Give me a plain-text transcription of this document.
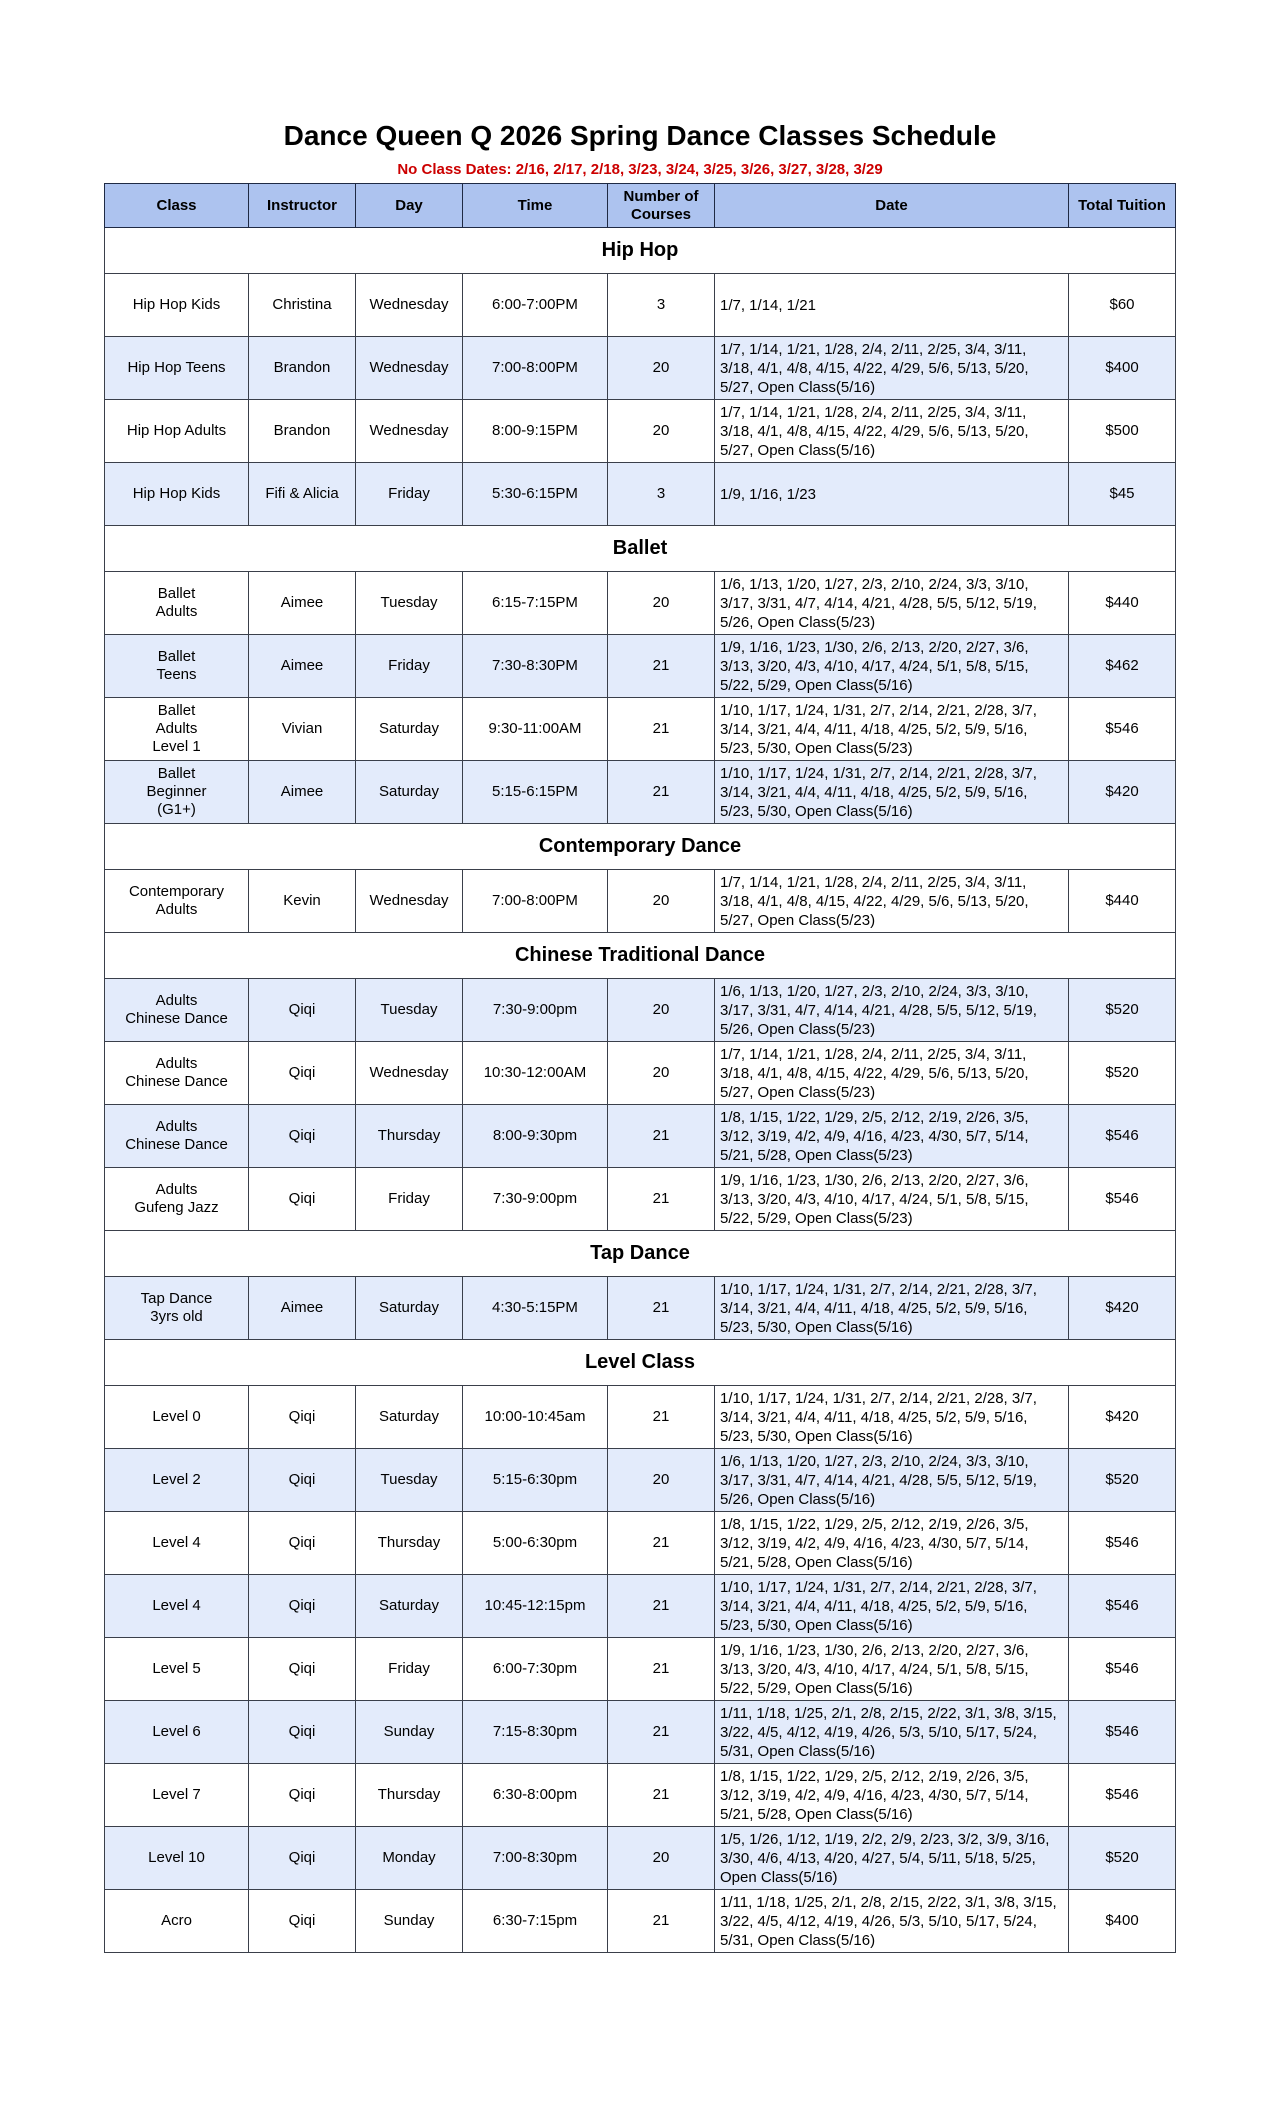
Dance Queen Q 2026 Spring Dance Classes Schedule
No Class Dates: 2/16, 2/17, 2/18, 3/23, 3/24, 3/25, 3/26, 3/27, 3/28, 3/29
Class	Instructor	Day	Time	Number of Courses	Date	Total Tuition
Hip Hop						

Hip Hop Kids	Christina	Wednesday	6:00-7:00PM	3	1/7, 1/14, 1/21	$60

Hip Hop Teens	Brandon	Wednesday	7:00-8:00PM	20	1/7, 1/14, 1/21, 1/28, 2/4, 2/11, 2/25, 3/4, 3/11, 3/18, 4/1, 4/8, 4/15, 4/22, 4/29, 5/6, 5/13, 5/20, 5/27, Open Class(5/16)	$400

Hip Hop Adults	Brandon	Wednesday	8:00-9:15PM	20	1/7, 1/14, 1/21, 1/28, 2/4, 2/11, 2/25, 3/4, 3/11, 3/18, 4/1, 4/8, 4/15, 4/22, 4/29, 5/6, 5/13, 5/20, 5/27, Open Class(5/16)	$500

Hip Hop Kids	Fifi & Alicia	Friday	5:30-6:15PM	3	1/9, 1/16, 1/23	$45
Ballet						

Ballet
Adults	Aimee	Tuesday	6:15-7:15PM	20	1/6, 1/13, 1/20, 1/27, 2/3, 2/10, 2/24, 3/3, 3/10, 3/17, 3/31, 4/7, 4/14, 4/21, 4/28, 5/5, 5/12, 5/19, 5/26, Open Class(5/23)	$440

Ballet
Teens	Aimee	Friday	7:30-8:30PM	21	1/9, 1/16, 1/23, 1/30, 2/6, 2/13, 2/20, 2/27, 3/6, 3/13, 3/20, 4/3, 4/10, 4/17, 4/24, 5/1, 5/8, 5/15, 5/22, 5/29, Open Class(5/16)	$462

Ballet
Adults
Level 1	Vivian	Saturday	9:30-11:00AM	21	1/10, 1/17, 1/24, 1/31, 2/7, 2/14, 2/21, 2/28, 3/7, 3/14, 3/21, 4/4, 4/11, 4/18, 4/25, 5/2, 5/9, 5/16, 5/23, 5/30, Open Class(5/23)	$546

Ballet
Beginner
(G1+)	Aimee	Saturday	5:15-6:15PM	21	1/10, 1/17, 1/24, 1/31, 2/7, 2/14, 2/21, 2/28, 3/7, 3/14, 3/21, 4/4, 4/11, 4/18, 4/25, 5/2, 5/9, 5/16, 5/23, 5/30, Open Class(5/16)	$420
Contemporary Dance						

Contemporary
Adults	Kevin	Wednesday	7:00-8:00PM	20	1/7, 1/14, 1/21, 1/28, 2/4, 2/11, 2/25, 3/4, 3/11, 3/18, 4/1, 4/8, 4/15, 4/22, 4/29, 5/6, 5/13, 5/20, 5/27, Open Class(5/23)	$440
Chinese Traditional Dance						

Adults
Chinese Dance	Qiqi	Tuesday	7:30-9:00pm	20	1/6, 1/13, 1/20, 1/27, 2/3, 2/10, 2/24, 3/3, 3/10, 3/17, 3/31, 4/7, 4/14, 4/21, 4/28, 5/5, 5/12, 5/19, 5/26, Open Class(5/23)	$520

Adults
Chinese Dance	Qiqi	Wednesday	10:30-12:00AM	20	1/7, 1/14, 1/21, 1/28, 2/4, 2/11, 2/25, 3/4, 3/11, 3/18, 4/1, 4/8, 4/15, 4/22, 4/29, 5/6, 5/13, 5/20, 5/27, Open Class(5/23)	$520

Adults
Chinese Dance	Qiqi	Thursday	8:00-9:30pm	21	1/8, 1/15, 1/22, 1/29, 2/5, 2/12, 2/19, 2/26, 3/5, 3/12, 3/19, 4/2, 4/9, 4/16, 4/23, 4/30, 5/7, 5/14, 5/21, 5/28, Open Class(5/23)	$546

Adults
Gufeng Jazz	Qiqi	Friday	7:30-9:00pm	21	1/9, 1/16, 1/23, 1/30, 2/6, 2/13, 2/20, 2/27, 3/6, 3/13, 3/20, 4/3, 4/10, 4/17, 4/24, 5/1, 5/8, 5/15, 5/22, 5/29, Open Class(5/23)	$546
Tap Dance						

Tap Dance
3yrs old	Aimee	Saturday	4:30-5:15PM	21	1/10, 1/17, 1/24, 1/31, 2/7, 2/14, 2/21, 2/28, 3/7, 3/14, 3/21, 4/4, 4/11, 4/18, 4/25, 5/2, 5/9, 5/16, 5/23, 5/30, Open Class(5/16)	$420
Level Class						

Level 0	Qiqi	Saturday	10:00-10:45am	21	1/10, 1/17, 1/24, 1/31, 2/7, 2/14, 2/21, 2/28, 3/7, 3/14, 3/21, 4/4, 4/11, 4/18, 4/25, 5/2, 5/9, 5/16, 5/23, 5/30, Open Class(5/16)	$420

Level 2	Qiqi	Tuesday	5:15-6:30pm	20	1/6, 1/13, 1/20, 1/27, 2/3, 2/10, 2/24, 3/3, 3/10, 3/17, 3/31, 4/7, 4/14, 4/21, 4/28, 5/5, 5/12, 5/19, 5/26, Open Class(5/16)	$520

Level 4	Qiqi	Thursday	5:00-6:30pm	21	1/8, 1/15, 1/22, 1/29, 2/5, 2/12, 2/19, 2/26, 3/5, 3/12, 3/19, 4/2, 4/9, 4/16, 4/23, 4/30, 5/7, 5/14, 5/21, 5/28, Open Class(5/16)	$546

Level 4	Qiqi	Saturday	10:45-12:15pm	21	1/10, 1/17, 1/24, 1/31, 2/7, 2/14, 2/21, 2/28, 3/7, 3/14, 3/21, 4/4, 4/11, 4/18, 4/25, 5/2, 5/9, 5/16, 5/23, 5/30, Open Class(5/16)	$546

Level 5	Qiqi	Friday	6:00-7:30pm	21	1/9, 1/16, 1/23, 1/30, 2/6, 2/13, 2/20, 2/27, 3/6, 3/13, 3/20, 4/3, 4/10, 4/17, 4/24, 5/1, 5/8, 5/15, 5/22, 5/29, Open Class(5/16)	$546

Level 6	Qiqi	Sunday	7:15-8:30pm	21	1/11, 1/18, 1/25, 2/1, 2/8, 2/15, 2/22, 3/1, 3/8, 3/15, 3/22, 4/5, 4/12, 4/19, 4/26, 5/3, 5/10, 5/17, 5/24, 5/31, Open Class(5/16)	$546

Level 7	Qiqi	Thursday	6:30-8:00pm	21	1/8, 1/15, 1/22, 1/29, 2/5, 2/12, 2/19, 2/26, 3/5, 3/12, 3/19, 4/2, 4/9, 4/16, 4/23, 4/30, 5/7, 5/14, 5/21, 5/28, Open Class(5/16)	$546

Level 10	Qiqi	Monday	7:00-8:30pm	20	1/5, 1/26, 1/12, 1/19, 2/2, 2/9, 2/23, 3/2, 3/9, 3/16, 3/30, 4/6, 4/13, 4/20, 4/27, 5/4, 5/11, 5/18, 5/25, Open Class(5/16)	$520

Acro	Qiqi	Sunday	6:30-7:15pm	21	1/11, 1/18, 1/25, 2/1, 2/8, 2/15, 2/22, 3/1, 3/8, 3/15, 3/22, 4/5, 4/12, 4/19, 4/26, 5/3, 5/10, 5/17, 5/24, 5/31, Open Class(5/16)	$400
